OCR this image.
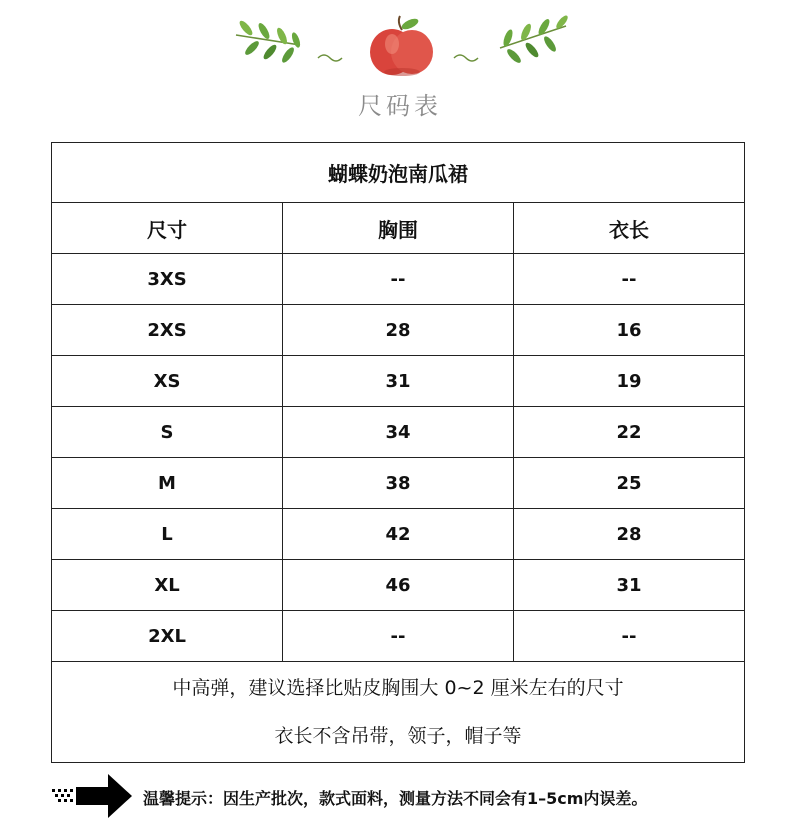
尺码表
蝴蝶奶泡南瓜裙		
尺寸	胸围	衣长
3XS	--	--
2XS	28	16
XS	31	19
S	34	22
M	38	25
L	42	28
XL	46	31
2XL	--	--

中高弹，建议选择比贴皮胸围大 0~2 厘米左右的尺寸
衣长不含吊带，领子，帽子等		
温馨提示：因生产批次，款式面料，测量方法不同会有1–5cm内误差。
